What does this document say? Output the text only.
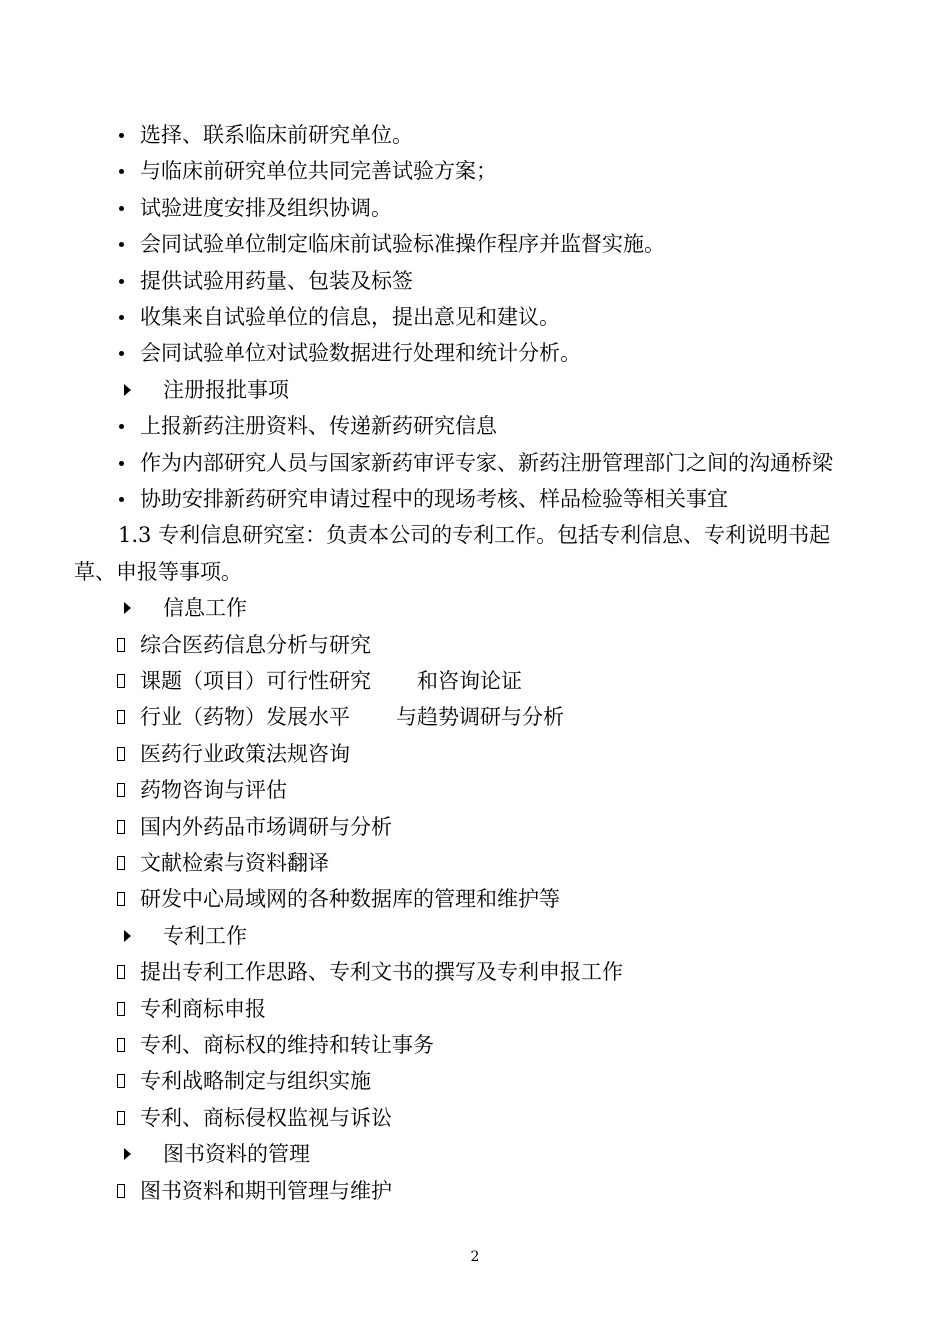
选择、联系临床前研究单位。
与临床前研究单位共同完善试验方案；
试验进度安排及组织协调。
会同试验单位制定临床前试验标准操作程序并监督实施。
提供试验用药量、包装及标签
收集来自试验单位的信息，提出意见和建议。
会同试验单位对试验数据进行处理和统计分析。
注册报批事项
上报新药注册资料、传递新药研究信息
作为内部研究人员与国家新药审评专家、新药注册管理部门之间的沟通桥梁
协助安排新药研究申请过程中的现场考核、样品检验等相关事宜
1.3 专利信息研究室：负责本公司的专利工作。包括专利信息、专利说明书起
草、申报等事项。
信息工作
综合医药信息分析与研究
课题（项目）可行性研究 和咨询论证
行业（药物）发展水平 与趋势调研与分析
医药行业政策法规咨询
药物咨询与评估
国内外药品市场调研与分析
文献检索与资料翻译
研发中心局域网的各种数据库的管理和维护等
专利工作
提出专利工作思路、专利文书的撰写及专利申报工作
专利商标申报
专利、商标权的维持和转让事务
专利战略制定与组织实施
专利、商标侵权监视与诉讼
图书资料的管理
图书资料和期刊管理与维护
2
